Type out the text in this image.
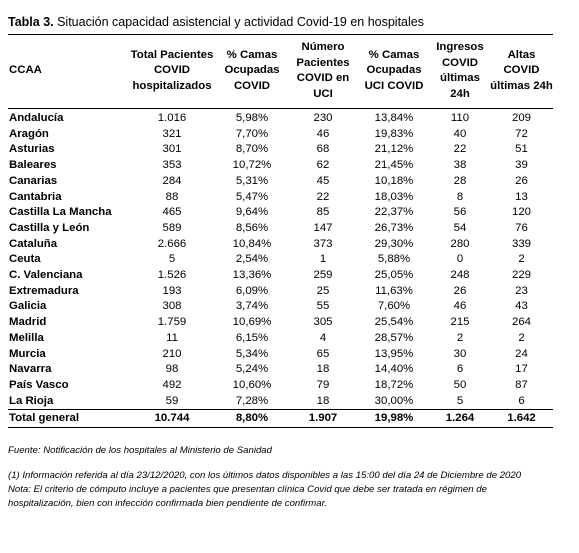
Tabla 3. Situación capacidad asistencial y actividad Covid-19 en hospitales
CCAA	Total Pacientes COVID hospitalizados	% Camas Ocupadas COVID	Número Pacientes COVID en UCI	% Camas Ocupadas UCI COVID	Ingresos COVID últimas 24h	Altas COVID últimas 24h
Andalucía	1.016	5,98%	230	13,84%	110	209
Aragón	321	7,70%	46	19,83%	40	72
Asturias	301	8,70%	68	21,12%	22	51
Baleares	353	10,72%	62	21,45%	38	39
Canarias	284	5,31%	45	10,18%	28	26
Cantabria	88	5,47%	22	18,03%	8	13
Castilla La Mancha	465	9,64%	85	22,37%	56	120
Castilla y León	589	8,56%	147	26,73%	54	76
Cataluña	2.666	10,84%	373	29,30%	280	339
Ceuta	5	2,54%	1	5,88%	0	2
C. Valenciana	1.526	13,36%	259	25,05%	248	229
Extremadura	193	6,09%	25	11,63%	26	23
Galicia	308	3,74%	55	7,60%	46	43
Madrid	1.759	10,69%	305	25,54%	215	264
Melilla	11	6,15%	4	28,57%	2	2
Murcia	210	5,34%	65	13,95%	30	24
Navarra	98	5,24%	18	14,40%	6	17
País Vasco	492	10,60%	79	18,72%	50	87
La Rioja	59	7,28%	18	30,00%	5	6
Total general	10.744	8,80%	1.907	19,98%	1.264	1.642

Fuente: Notificación de los hospitales al Ministerio de Sanidad

(1) Información referida al día 23/12/2020, con los últimos datos disponibles a las 15:00 del día 24 de Diciembre de 2020

Nota: El criterio de cómputo incluye a pacientes que presentan clínica Covid que debe ser tratada en régimen de

hospitalización, bien con infección confirmada bien pendiente de confirmar.
